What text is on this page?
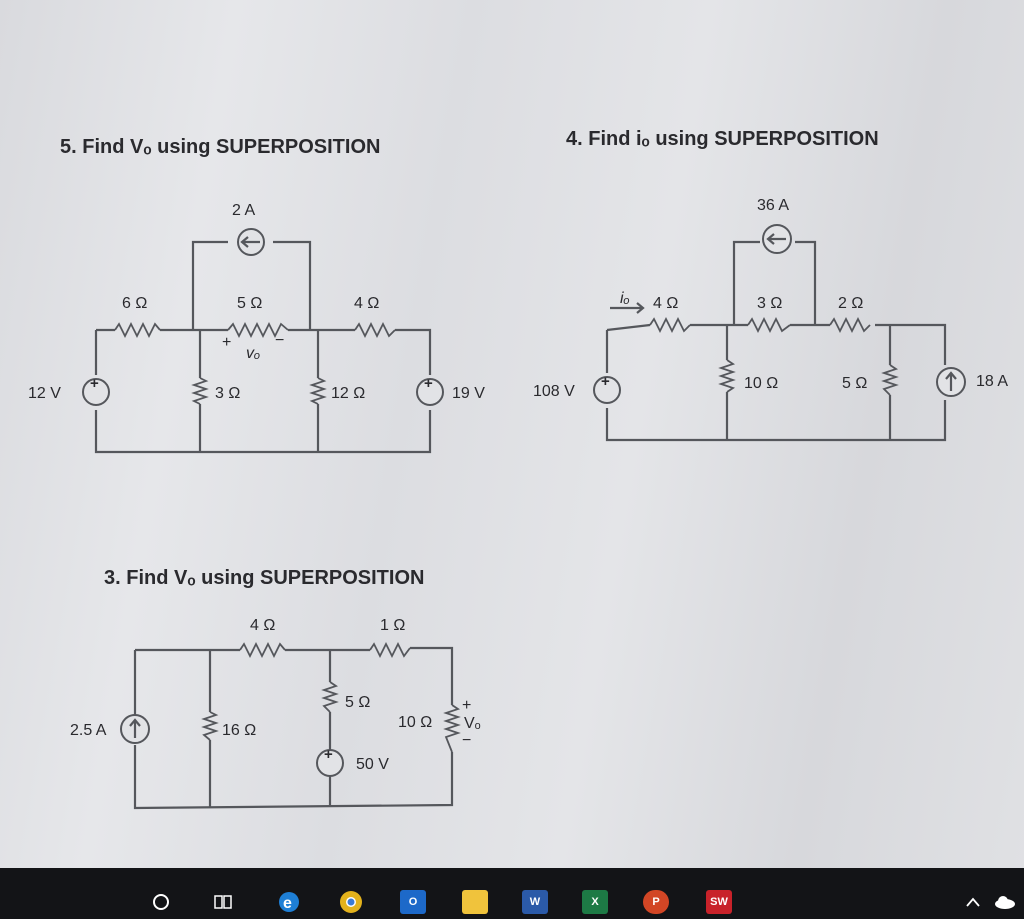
5. Find Vₒ using SUPERPOSITION
+	+
2 A
6 Ω	5 Ω	4 Ω
+
vₒ
−
12 V	3 Ω	12 Ω	19 V
4. Find iₒ using SUPERPOSITION
+
36 A
iₒ 4 Ω	3 Ω	2 Ω
108 V	10 Ω	5 Ω	18 A
3. Find Vₒ using SUPERPOSITION
+
4 Ω	1 Ω
5 Ω
2.5 A	16 Ω	10 Ω
+
Vₒ
−
50 V
e	O	W	X	P	SW
